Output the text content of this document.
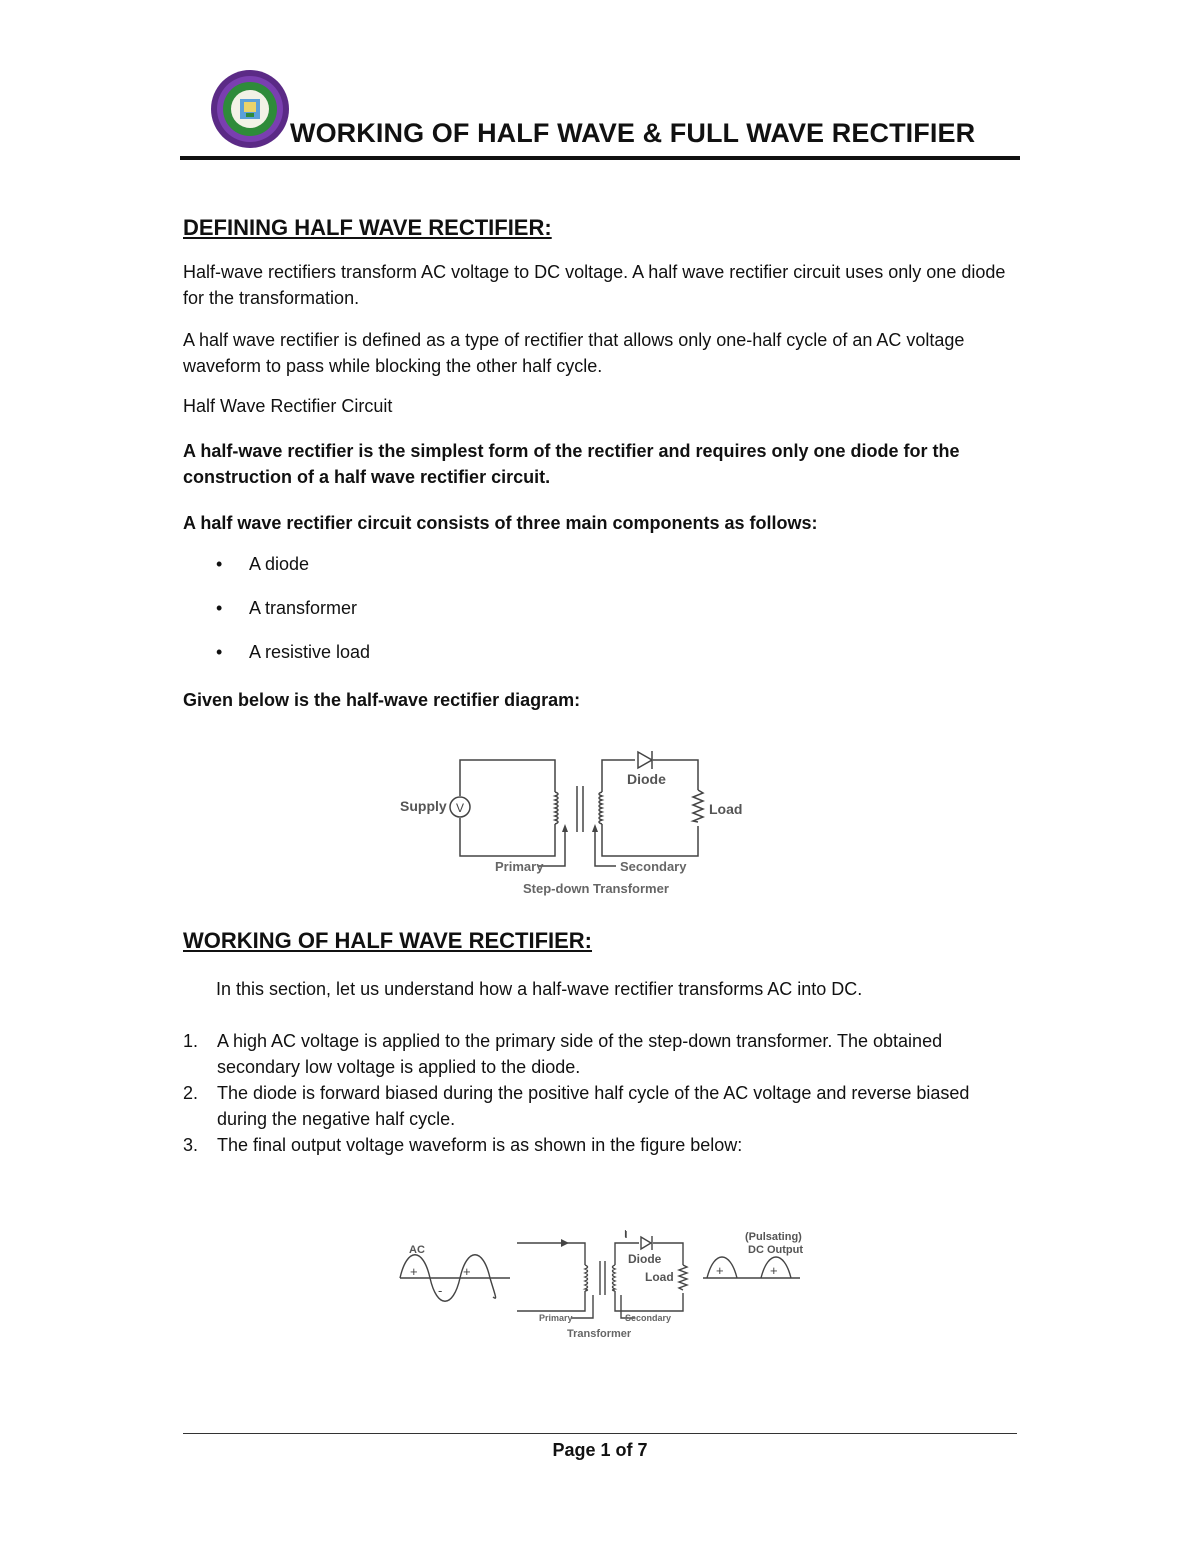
WORKING OF HALF WAVE & FULL WAVE RECTIFIER
DEFINING HALF WAVE RECTIFIER:
Half-wave rectifiers transform AC voltage to DC voltage. A half wave rectifier circuit uses only one diode for the transformation.
A half wave rectifier is defined as a type of rectifier that allows only one-half cycle of an AC voltage waveform to pass while blocking the other half cycle.
Half Wave Rectifier Circuit
A half-wave rectifier is the simplest form of the rectifier and requires only one diode for the construction of a half wave rectifier circuit.
A half wave rectifier circuit consists of three main components as follows:
• A diode
• A transformer
• A resistive load
Given below is the half-wave rectifier diagram:
V
Supply
Diode
Load
Primary	Secondary
Step-down Transformer
WORKING OF HALF WAVE RECTIFIER:
In this section, let us understand how a half-wave rectifier transforms AC into DC.
1. A high AC voltage is applied to the primary side of the step-down transformer. The obtained secondary low voltage is applied to the diode.
2. The diode is forward biased during the positive half cycle of the AC voltage and reverse biased during the negative half cycle.
3. The final output voltage waveform is as shown in the figure below:
I
AC
+
-
+
Diode
Load
Primary	Secondary
Transformer
(Pulsating)
DC Output
+	+
Page 1 of 7
